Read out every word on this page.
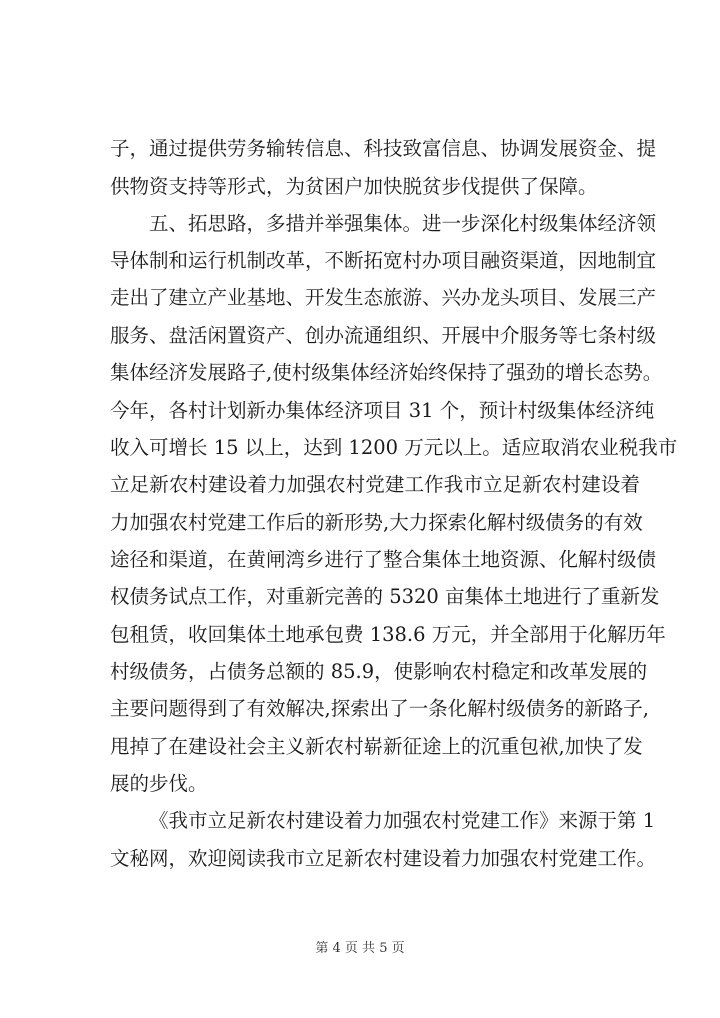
子，通过提供劳务输转信息、科技致富信息、协调发展资金、提
供物资支持等形式，为贫困户加快脱贫步伐提供了保障。
五、拓思路，多措并举强集体。进一步深化村级集体经济领
导体制和运行机制改革，不断拓宽村办项目融资渠道，因地制宜
走出了建立产业基地、开发生态旅游、兴办龙头项目、发展三产
服务、盘活闲置资产、创办流通组织、开展中介服务等七条村级
集体经济发展路子,使村级集体经济始终保持了强劲的增长态势。
今年，各村计划新办集体经济项目 31 个，预计村级集体经济纯
收入可增长 15 以上，达到 1200 万元以上。适应取消农业税我市
立足新农村建设着力加强农村党建工作我市立足新农村建设着
力加强农村党建工作后的新形势,大力探索化解村级债务的有效
途径和渠道，在黄闸湾乡进行了整合集体土地资源、化解村级债
权债务试点工作，对重新完善的 5320 亩集体土地进行了重新发
包租赁，收回集体土地承包费 138.6 万元，并全部用于化解历年
村级债务，占债务总额的 85.9，使影响农村稳定和改革发展的
主要问题得到了有效解决,探索出了一条化解村级债务的新路子,
甩掉了在建设社会主义新农村崭新征途上的沉重包袱,加快了发
展的步伐。
《我市立足新农村建设着力加强农村党建工作》来源于第 1
文秘网，欢迎阅读我市立足新农村建设着力加强农村党建工作。
第 4 页 共 5 页
